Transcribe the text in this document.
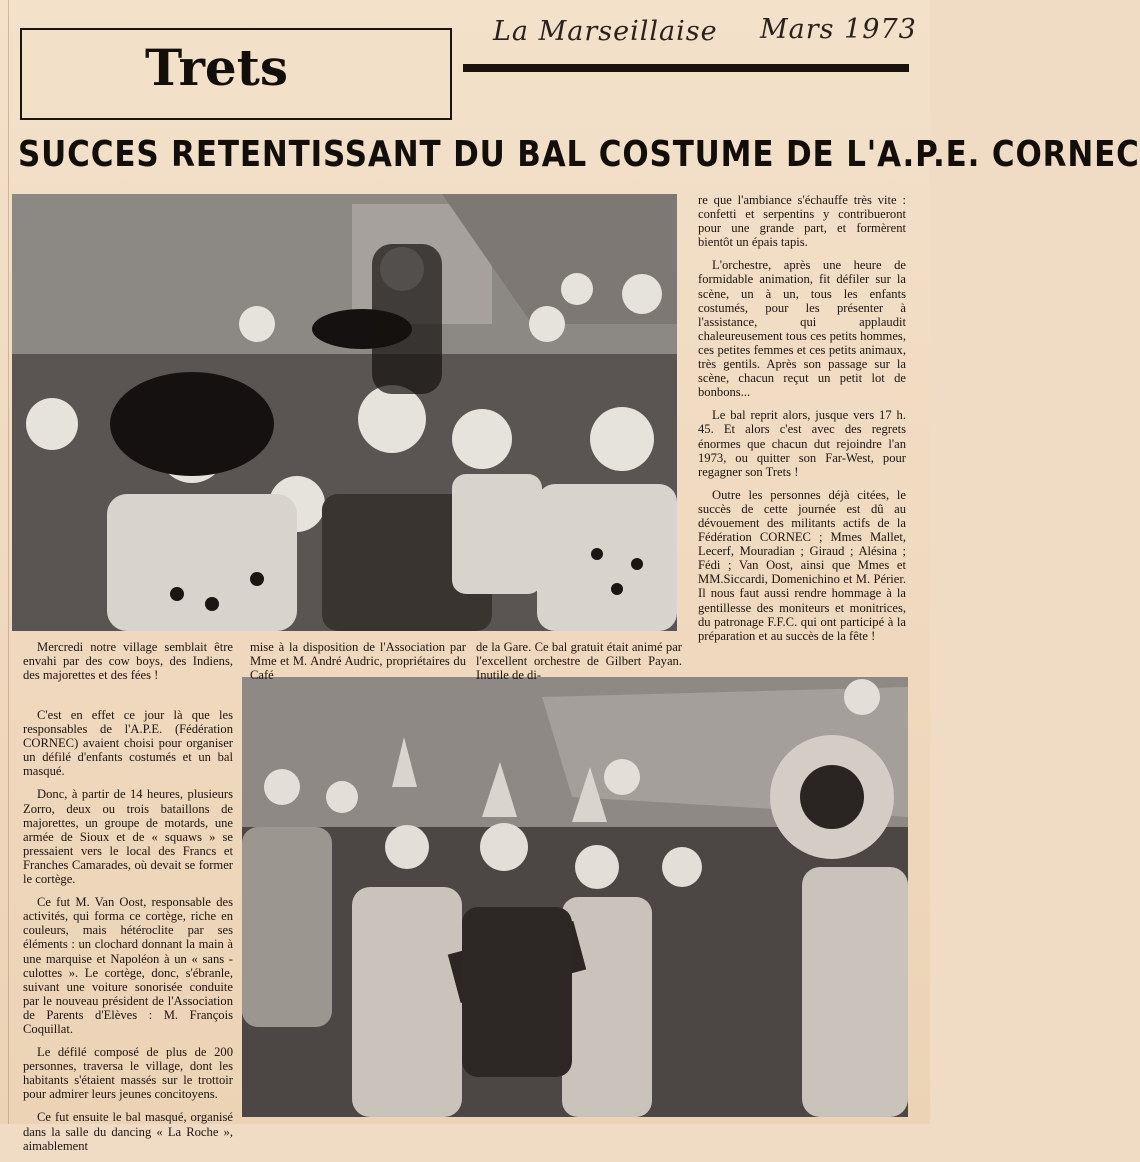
La Marseillaise Mars 1973
Trets
SUCCES RETENTISSANT DU BAL COSTUME DE L'A.P.E. CORNEC

re que l'ambiance s'échauffe très vite : confetti et serpentins y contribueront pour une grande part, et formèrent bientôt un épais tapis.

L'orchestre, après une heure de formidable animation, fit défiler sur la scène, un à un, tous les enfants costumés, pour les présenter à l'assistance, qui applaudit chaleureusement tous ces petits hommes, ces petites femmes et ces petits animaux, très gentils. Après son passage sur la scène, chacun reçut un petit lot de bonbons...

Le bal reprit alors, jusque vers 17 h. 45. Et alors c'est avec des regrets énormes que chacun dut rejoindre l'an 1973, ou quitter son Far-West, pour regagner son Trets !

Outre les personnes déjà citées, le succès de cette journée est dû au dévouement des militants actifs de la Fédération CORNEC ; Mmes Mallet, Lecerf, Mouradian ; Giraud ; Alésina ; Fédi ; Van Oost, ainsi que Mmes et MM.Siccardi, Domenichino et M. Périer. Il nous faut aussi rendre hommage à la gentillesse des moniteurs et monitrices, du patronage F.F.C. qui ont participé à la préparation et au succès de la fête !

Mercredi notre village semblait être envahi par des cow boys, des Indiens, des majorettes et des fées !

C'est en effet ce jour là que les responsables de l'A.P.E. (Fédération CORNEC) avaient choisi pour organiser un défilé d'enfants costumés et un bal masqué.

Donc, à partir de 14 heures, plusieurs Zorro, deux ou trois bataillons de majorettes, un groupe de motards, une armée de Sioux et de « squaws » se pressaient vers le local des Francs et Franches Camarades, où devait se former le cortège.

Ce fut M. Van Oost, responsable des activités, qui forma ce cortège, riche en couleurs, mais hétéroclite par ses éléments : un clochard donnant la main à une marquise et Napoléon à un « sans - culottes ». Le cortège, donc, s'ébranle, suivant une voiture sonorisée conduite par le nouveau président de l'Association de Parents d'Elèves : M. François Coquillat.

Le défilé composé de plus de 200 personnes, traversa le village, dont les habitants s'étaient massés sur le trottoir pour admirer leurs jeunes concitoyens.

Ce fut ensuite le bal masqué, organisé dans la salle du dancing « La Roche », aimablement

mise à la disposition de l'Association par Mme et M. André Audric, propriétaires du Café

de la Gare. Ce bal gratuit était animé par l'excellent orchestre de Gilbert Payan. Inutile de di-
